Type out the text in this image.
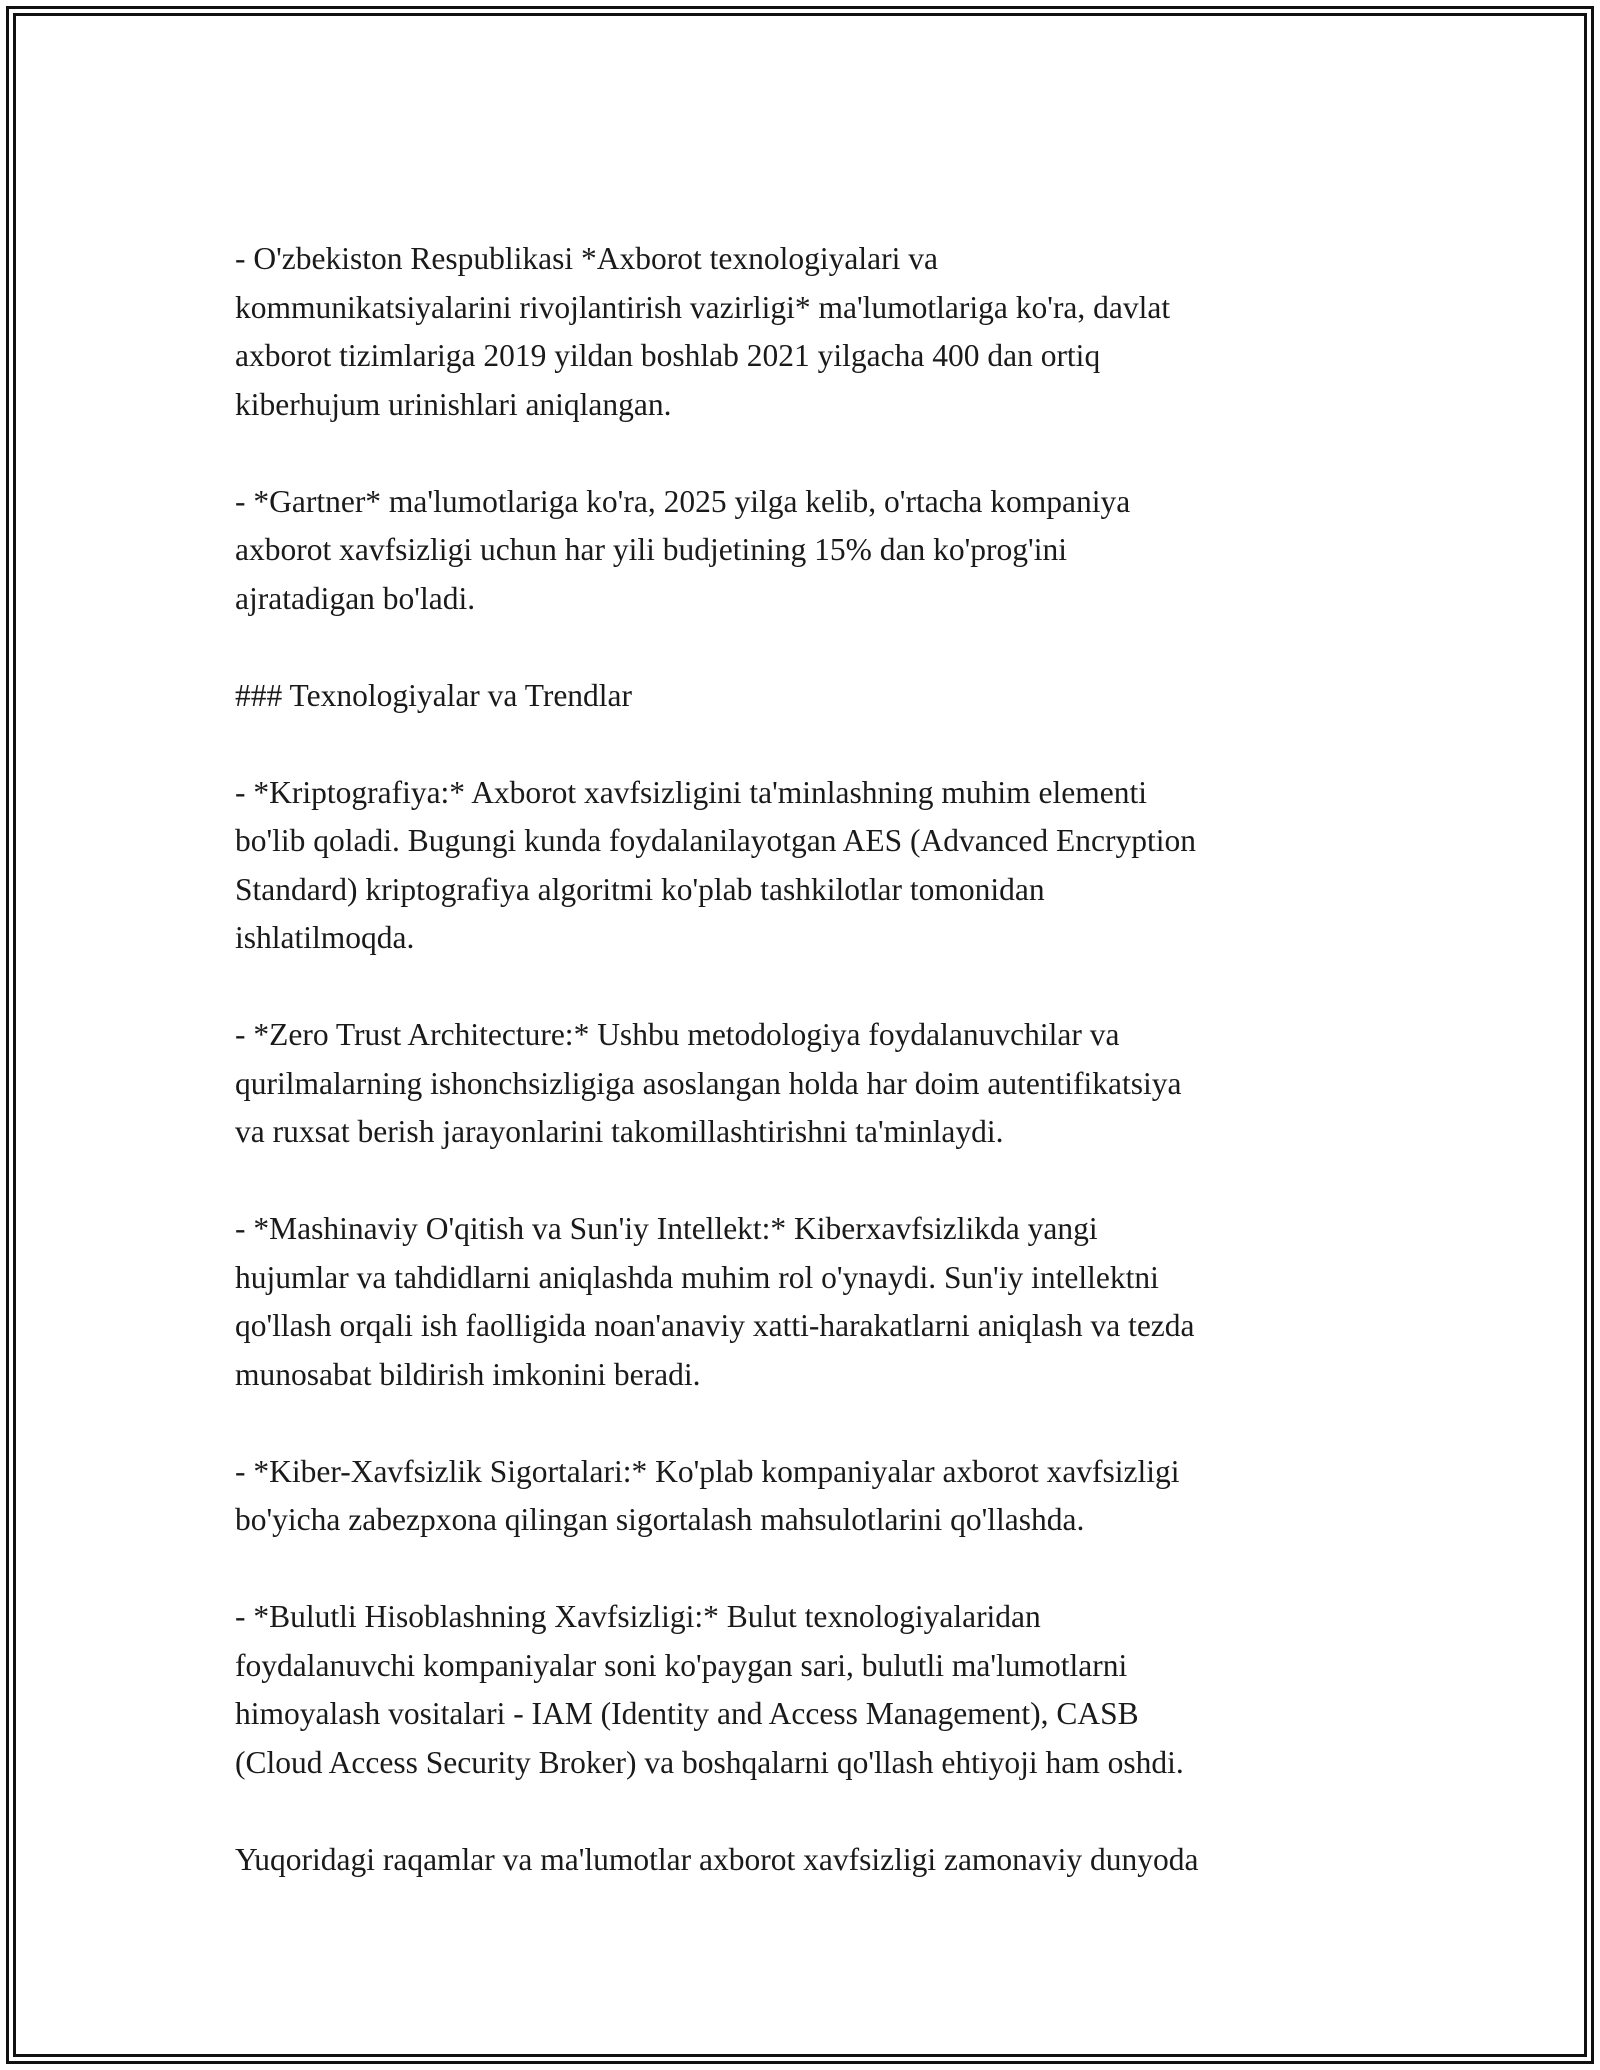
- O'zbekiston Respublikasi *Axborot texnologiyalari va
kommunikatsiyalarini rivojlantirish vazirligi* ma'lumotlariga ko'ra, davlat
axborot tizimlariga 2019 yildan boshlab 2021 yilgacha 400 dan ortiq
kiberhujum urinishlari aniqlangan.

- *Gartner* ma'lumotlariga ko'ra, 2025 yilga kelib, o'rtacha kompaniya
axborot xavfsizligi uchun har yili budjetining 15% dan ko'prog'ini
ajratadigan bo'ladi.

### Texnologiyalar va Trendlar

- *Kriptografiya:* Axborot xavfsizligini ta'minlashning muhim elementi
bo'lib qoladi. Bugungi kunda foydalanilayotgan AES (Advanced Encryption
Standard) kriptografiya algoritmi ko'plab tashkilotlar tomonidan
ishlatilmoqda.

- *Zero Trust Architecture:* Ushbu metodologiya foydalanuvchilar va
qurilmalarning ishonchsizligiga asoslangan holda har doim autentifikatsiya
va ruxsat berish jarayonlarini takomillashtirishni ta'minlaydi.

- *Mashinaviy O'qitish va Sun'iy Intellekt:* Kiberxavfsizlikda yangi
hujumlar va tahdidlarni aniqlashda muhim rol o'ynaydi. Sun'iy intellektni
qo'llash orqali ish faolligida noan'anaviy xatti-harakatlarni aniqlash va tezda
munosabat bildirish imkonini beradi.

- *Kiber-Xavfsizlik Sigortalari:* Ko'plab kompaniyalar axborot xavfsizligi
bo'yicha zabezpxona qilingan sigortalash mahsulotlarini qo'llashda.

- *Bulutli Hisoblashning Xavfsizligi:* Bulut texnologiyalaridan
foydalanuvchi kompaniyalar soni ko'paygan sari, bulutli ma'lumotlarni
himoyalash vositalari - IAM (Identity and Access Management), CASB
(Cloud Access Security Broker) va boshqalarni qo'llash ehtiyoji ham oshdi.

Yuqoridagi raqamlar va ma'lumotlar axborot xavfsizligi zamonaviy dunyoda
